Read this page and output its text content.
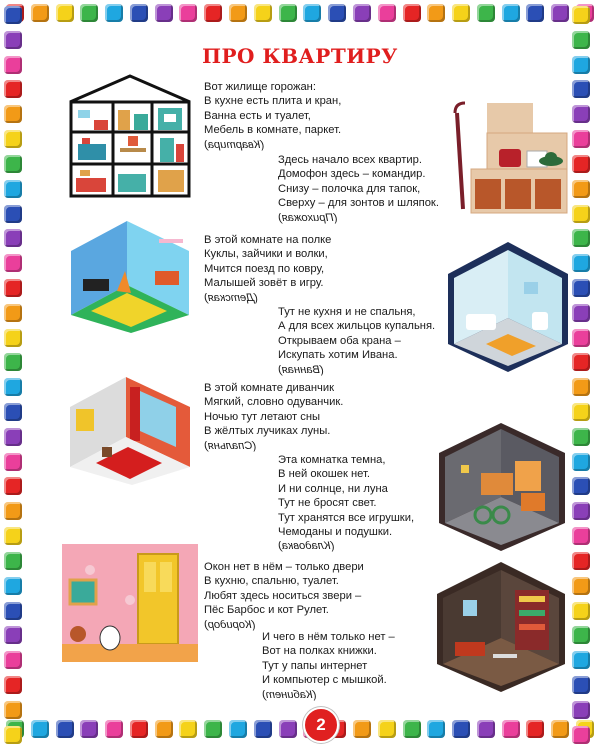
ПРО КВАРТИРУ
Вот жилище горожан:
В кухне есть плита и кран,
Ванна есть и туалет,
Мебель в комнате, паркет.
(Квартира)
Здесь начало всех квартир.
Домофон здесь – командир.
Снизу – полочка для тапок,
Сверху – для зонтов и шляпок.
(Прихожая)
В этой комнате на полке
Куклы, зайчики и волки,
Мчится поезд по ковру,
Малышей зовёт в игру.
(Детская)
Тут не кухня и не спальня,
А для всех жильцов купальня.
Открываем оба крана –
Искупать хотим Ивана.
(Ванная)
В этой комнате диванчик
Мягкий, словно одуванчик.
Ночью тут летают сны
В жёлтых лучиках луны.
(Спальня)
Эта комнатка темна,
В ней окошек нет.
И ни солнце, ни луна
Тут не бросят свет.
Тут хранятся все игрушки,
Чемоданы и подушки.
(Кладовка)
Окон нет в нём – только двери
В кухню, спальню, туалет.
Любят здесь носиться звери –
Пёс Барбос и кот Рулет.
(Коридор)
И чего в нём только нет –
Вот на полках книжки.
Тут у папы интернет
И компьютер с мышкой.
(Кабинет)
2
